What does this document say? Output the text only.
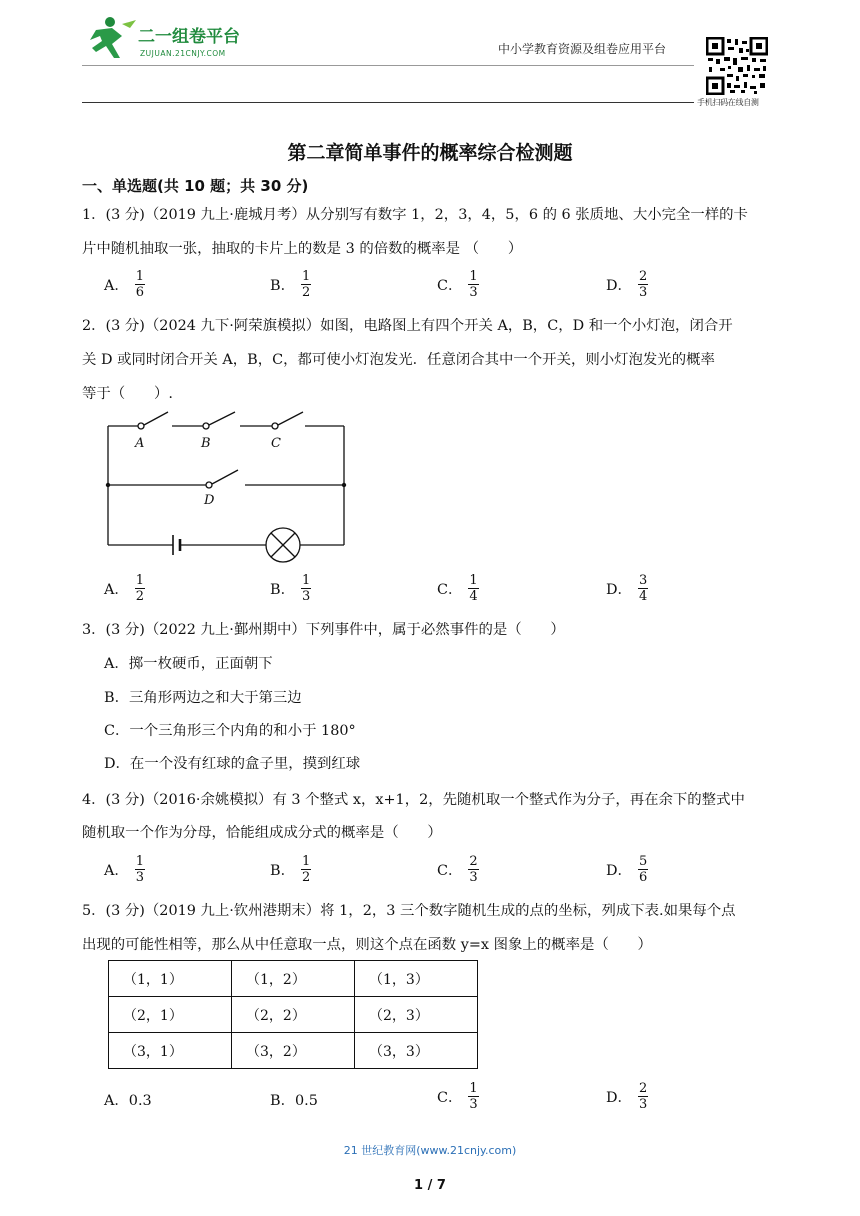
二一组卷平台
ZUJUAN.21CNJY.COM	中小学教育资源及组卷应用平台
手机扫码在线自测
第二章简单事件的概率综合检测题
一、单选题(共 10 题；共 30 分)
1．(3 分)（2019 九上·鹿城月考）从分别写有数字 1，2，3，4，5，6 的 6 张质地、大小完全一样的卡
片中随机抽取一张，抽取的卡片上的数是 3 的倍数的概率是 （　　）
A． $\frac{1}{6}$	B． $\frac{1}{2}$	C． $\frac{1}{3}$	D． $\frac{2}{3}$
2．(3 分)（2024 九下·阿荣旗模拟）如图，电路图上有四个开关 A，B，C，D 和一个小灯泡，闭合开
关 D 或同时闭合开关 A，B，C，都可使小灯泡发光．任意闭合其中一个开关，则小灯泡发光的概率
等于（　　）.
A	B	C
D
A． $\frac{1}{2}$	B． $\frac{1}{3}$	C． $\frac{1}{4}$	D． $\frac{3}{4}$
3．(3 分)（2022 九上·鄞州期中）下列事件中，属于必然事件的是（　　）
A．掷一枚硬币，正面朝下
B．三角形两边之和大于第三边
C．一个三角形三个内角的和小于 180°
D．在一个没有红球的盒子里，摸到红球
4．(3 分)（2016·余姚模拟）有 3 个整式 x，x+1，2，先随机取一个整式作为分子，再在余下的整式中
随机取一个作为分母，恰能组成成分式的概率是（　　）
A． $\frac{1}{3}$	B． $\frac{1}{2}$	C． $\frac{2}{3}$	D． $\frac{5}{6}$
5．(3 分)（2019 九上·钦州港期末）将 1，2，3 三个数字随机生成的点的坐标，列成下表.如果每个点
出现的可能性相等，那么从中任意取一点，则这个点在函数 y=x 图象上的概率是（　　）
（1，1）	（1，2）	（1，3）
（2，1）	（2，2）	（2，3）
（3，1）	（3，2）	（3，3）
A．0.3	B．0.5	C． $\frac{1}{3}$	D． $\frac{2}{3}$
21 世纪教育网(www.21cnjy.com)
1 / 7
